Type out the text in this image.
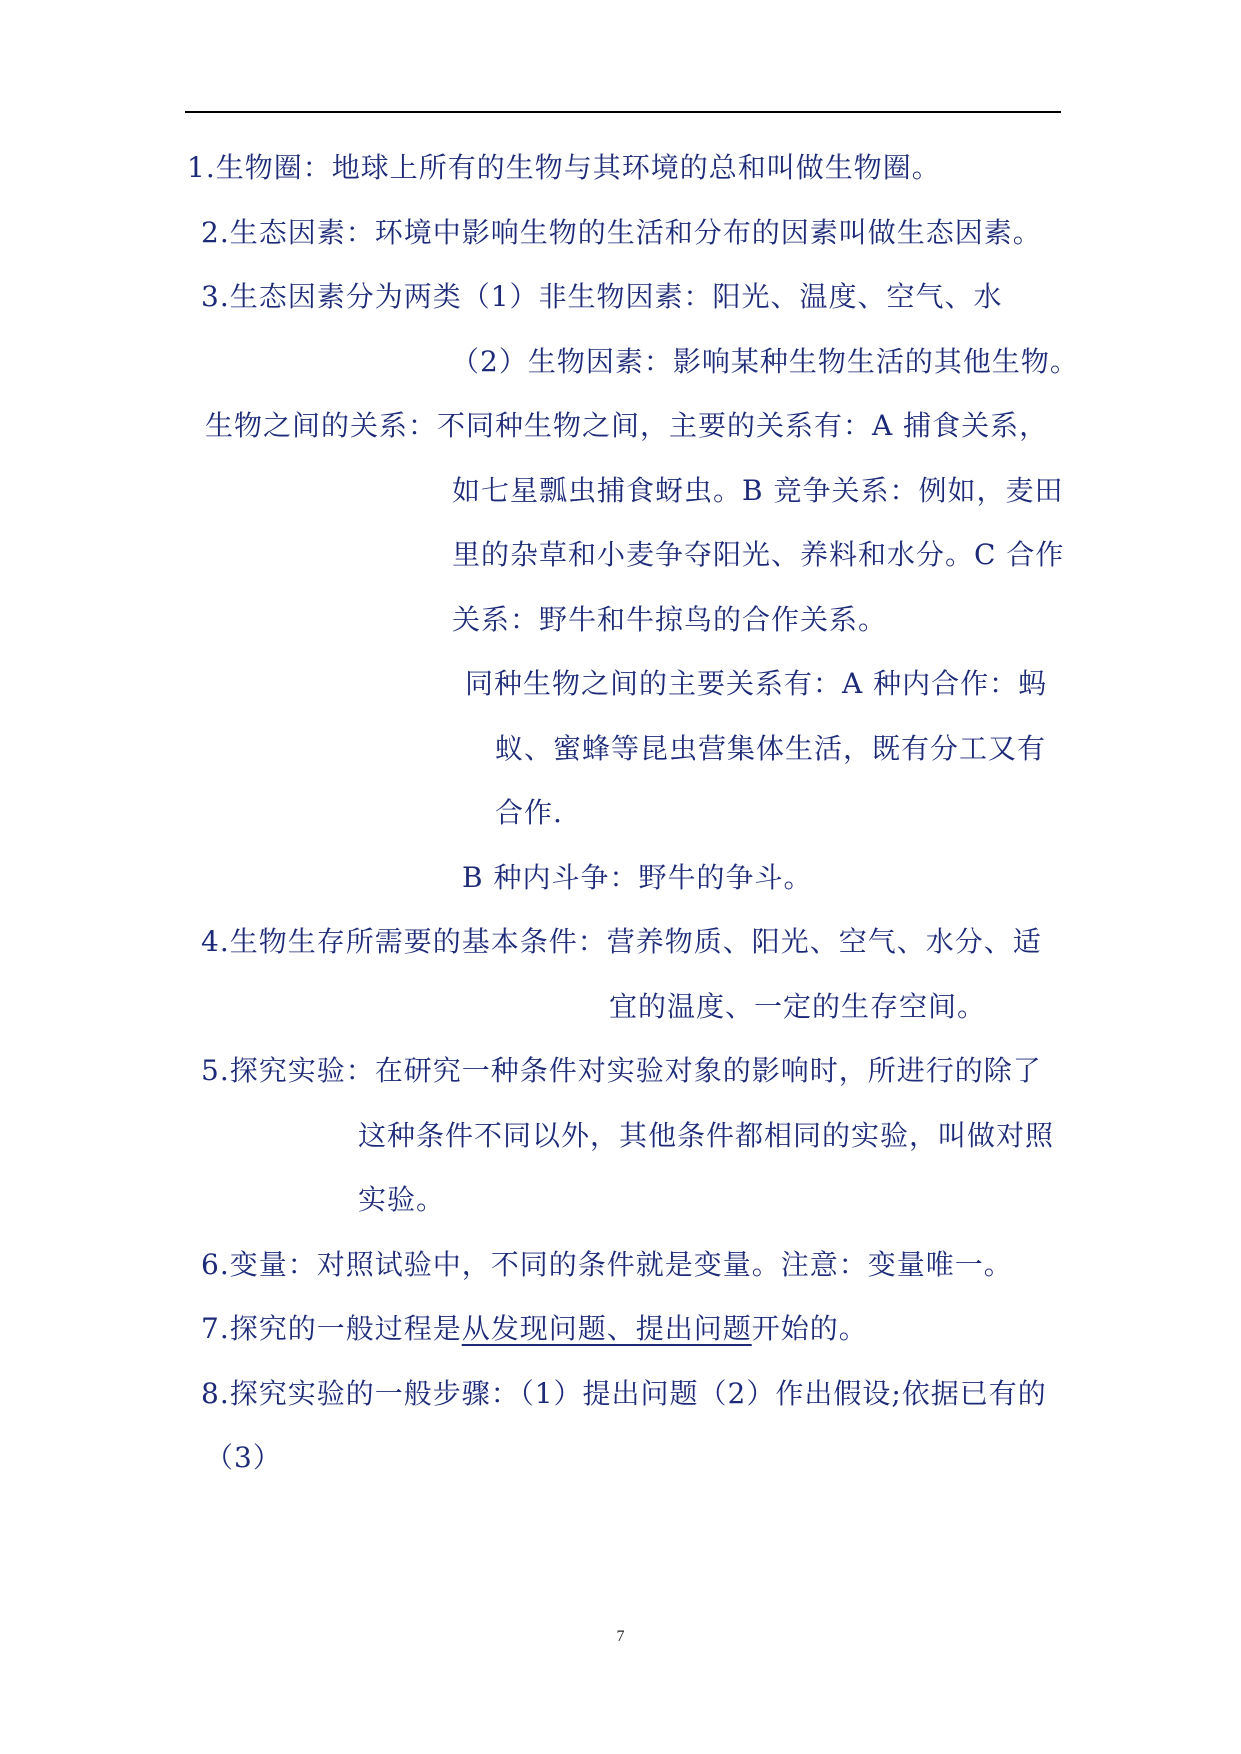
1.生物圈：地球上所有的生物与其环境的总和叫做生物圈。
2.生态因素：环境中影响生物的生活和分布的因素叫做生态因素。
3.生态因素分为两类（1）非生物因素：阳光、温度、空气、水
（2）生物因素：影响某种生物生活的其他生物。
生物之间的关系：不同种生物之间，主要的关系有：A 捕食关系，
如七星瓢虫捕食蚜虫。B 竞争关系：例如，麦田
里的杂草和小麦争夺阳光、养料和水分。C 合作
关系：野牛和牛掠鸟的合作关系。
同种生物之间的主要关系有：A 种内合作：蚂
蚁、蜜蜂等昆虫营集体生活，既有分工又有
合作.
B 种内斗争：野牛的争斗。
4.生物生存所需要的基本条件：营养物质、阳光、空气、水分、适
宜的温度、一定的生存空间。
5.探究实验：在研究一种条件对实验对象的影响时，所进行的除了
这种条件不同以外，其他条件都相同的实验，叫做对照
实验。
6.变量：对照试验中，不同的条件就是变量。注意：变量唯一。
7.探究的一般过程是从发现问题、提出问题开始的。
8.探究实验的一般步骤：（1）提出问题（2）作出假设;依据已有的
（3）
7
